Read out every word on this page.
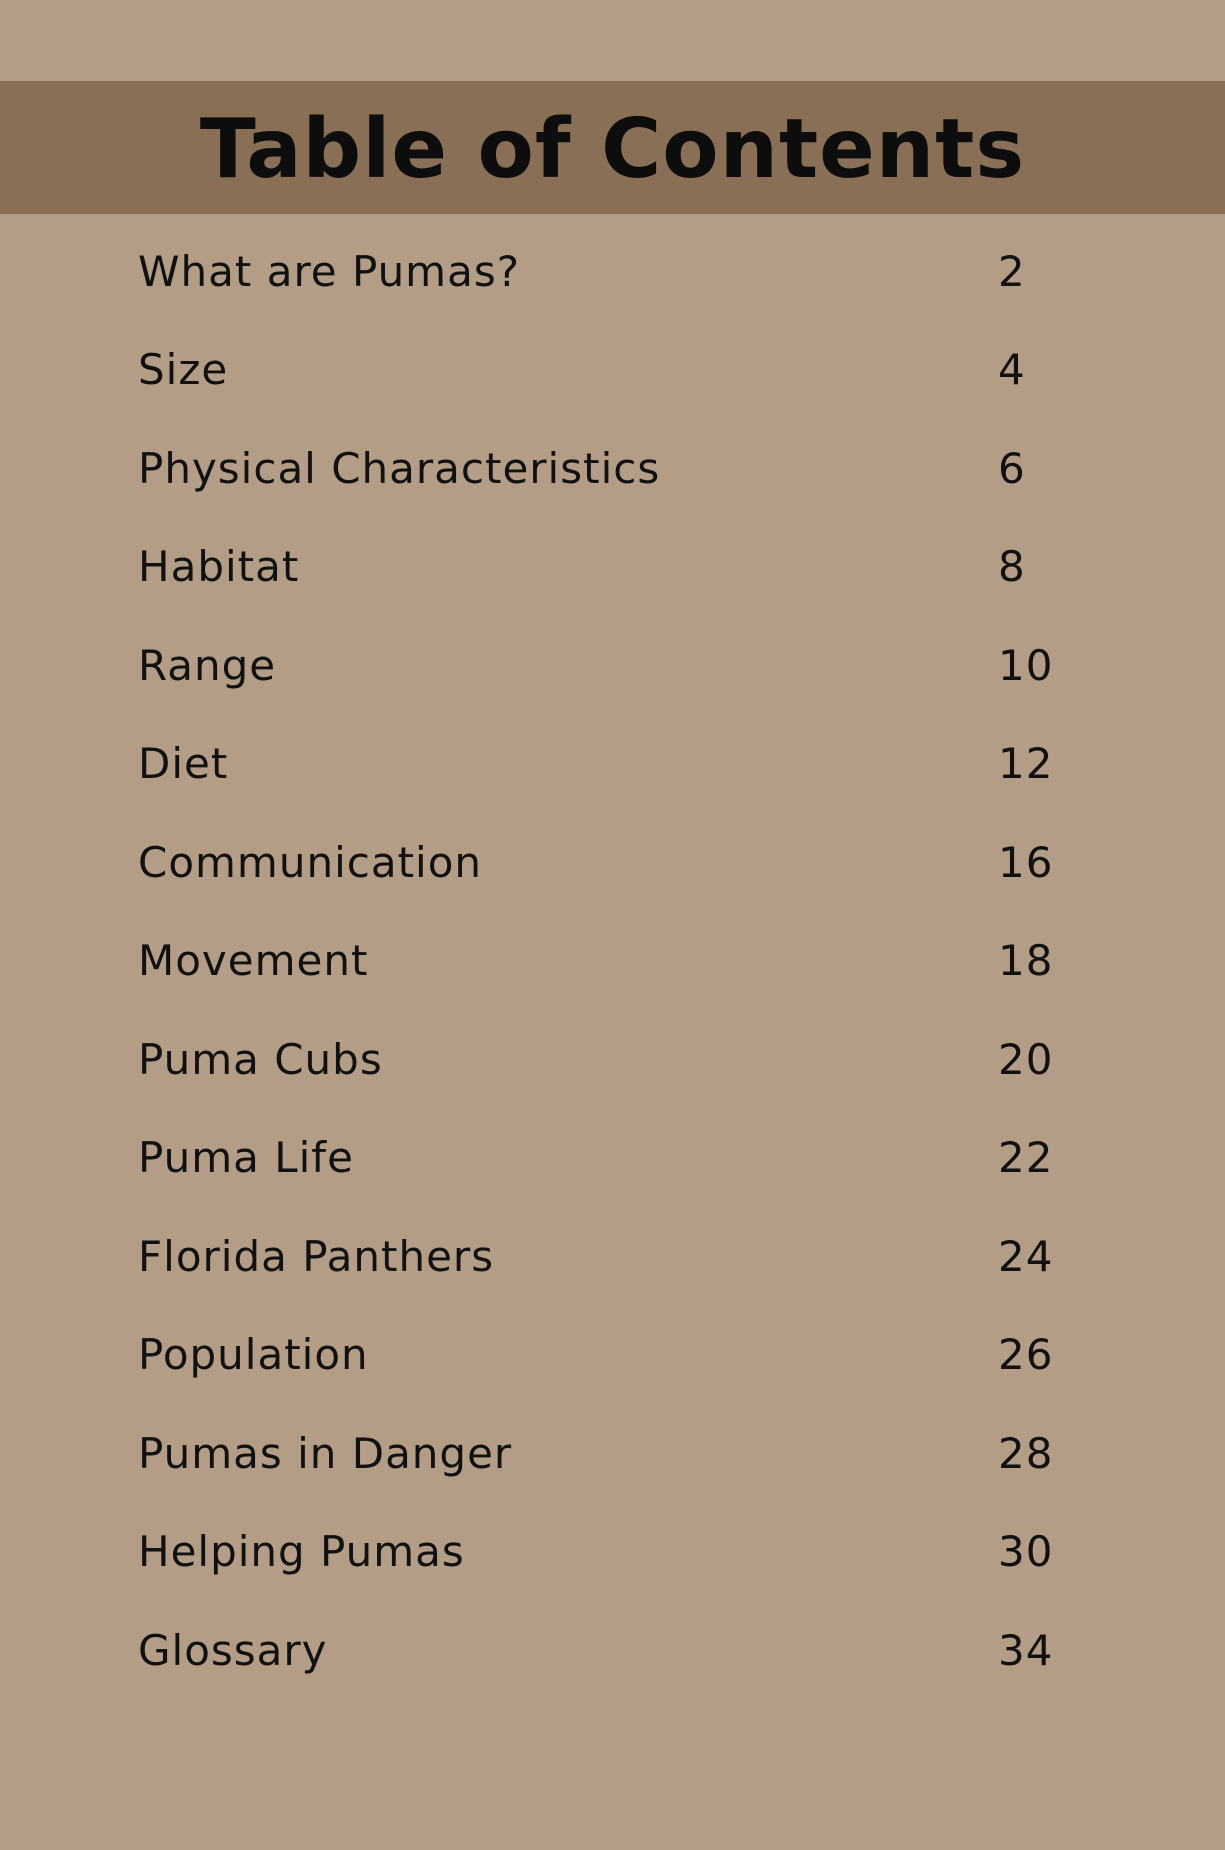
Table of Contents
What are Pumas?	2
Size	4
Physical Characteristics	6
Habitat	8
Range	10
Diet	12
Communication	16
Movement	18
Puma Cubs	20
Puma Life	22
Florida Panthers	24
Population	26
Pumas in Danger	28
Helping Pumas	30
Glossary	34
